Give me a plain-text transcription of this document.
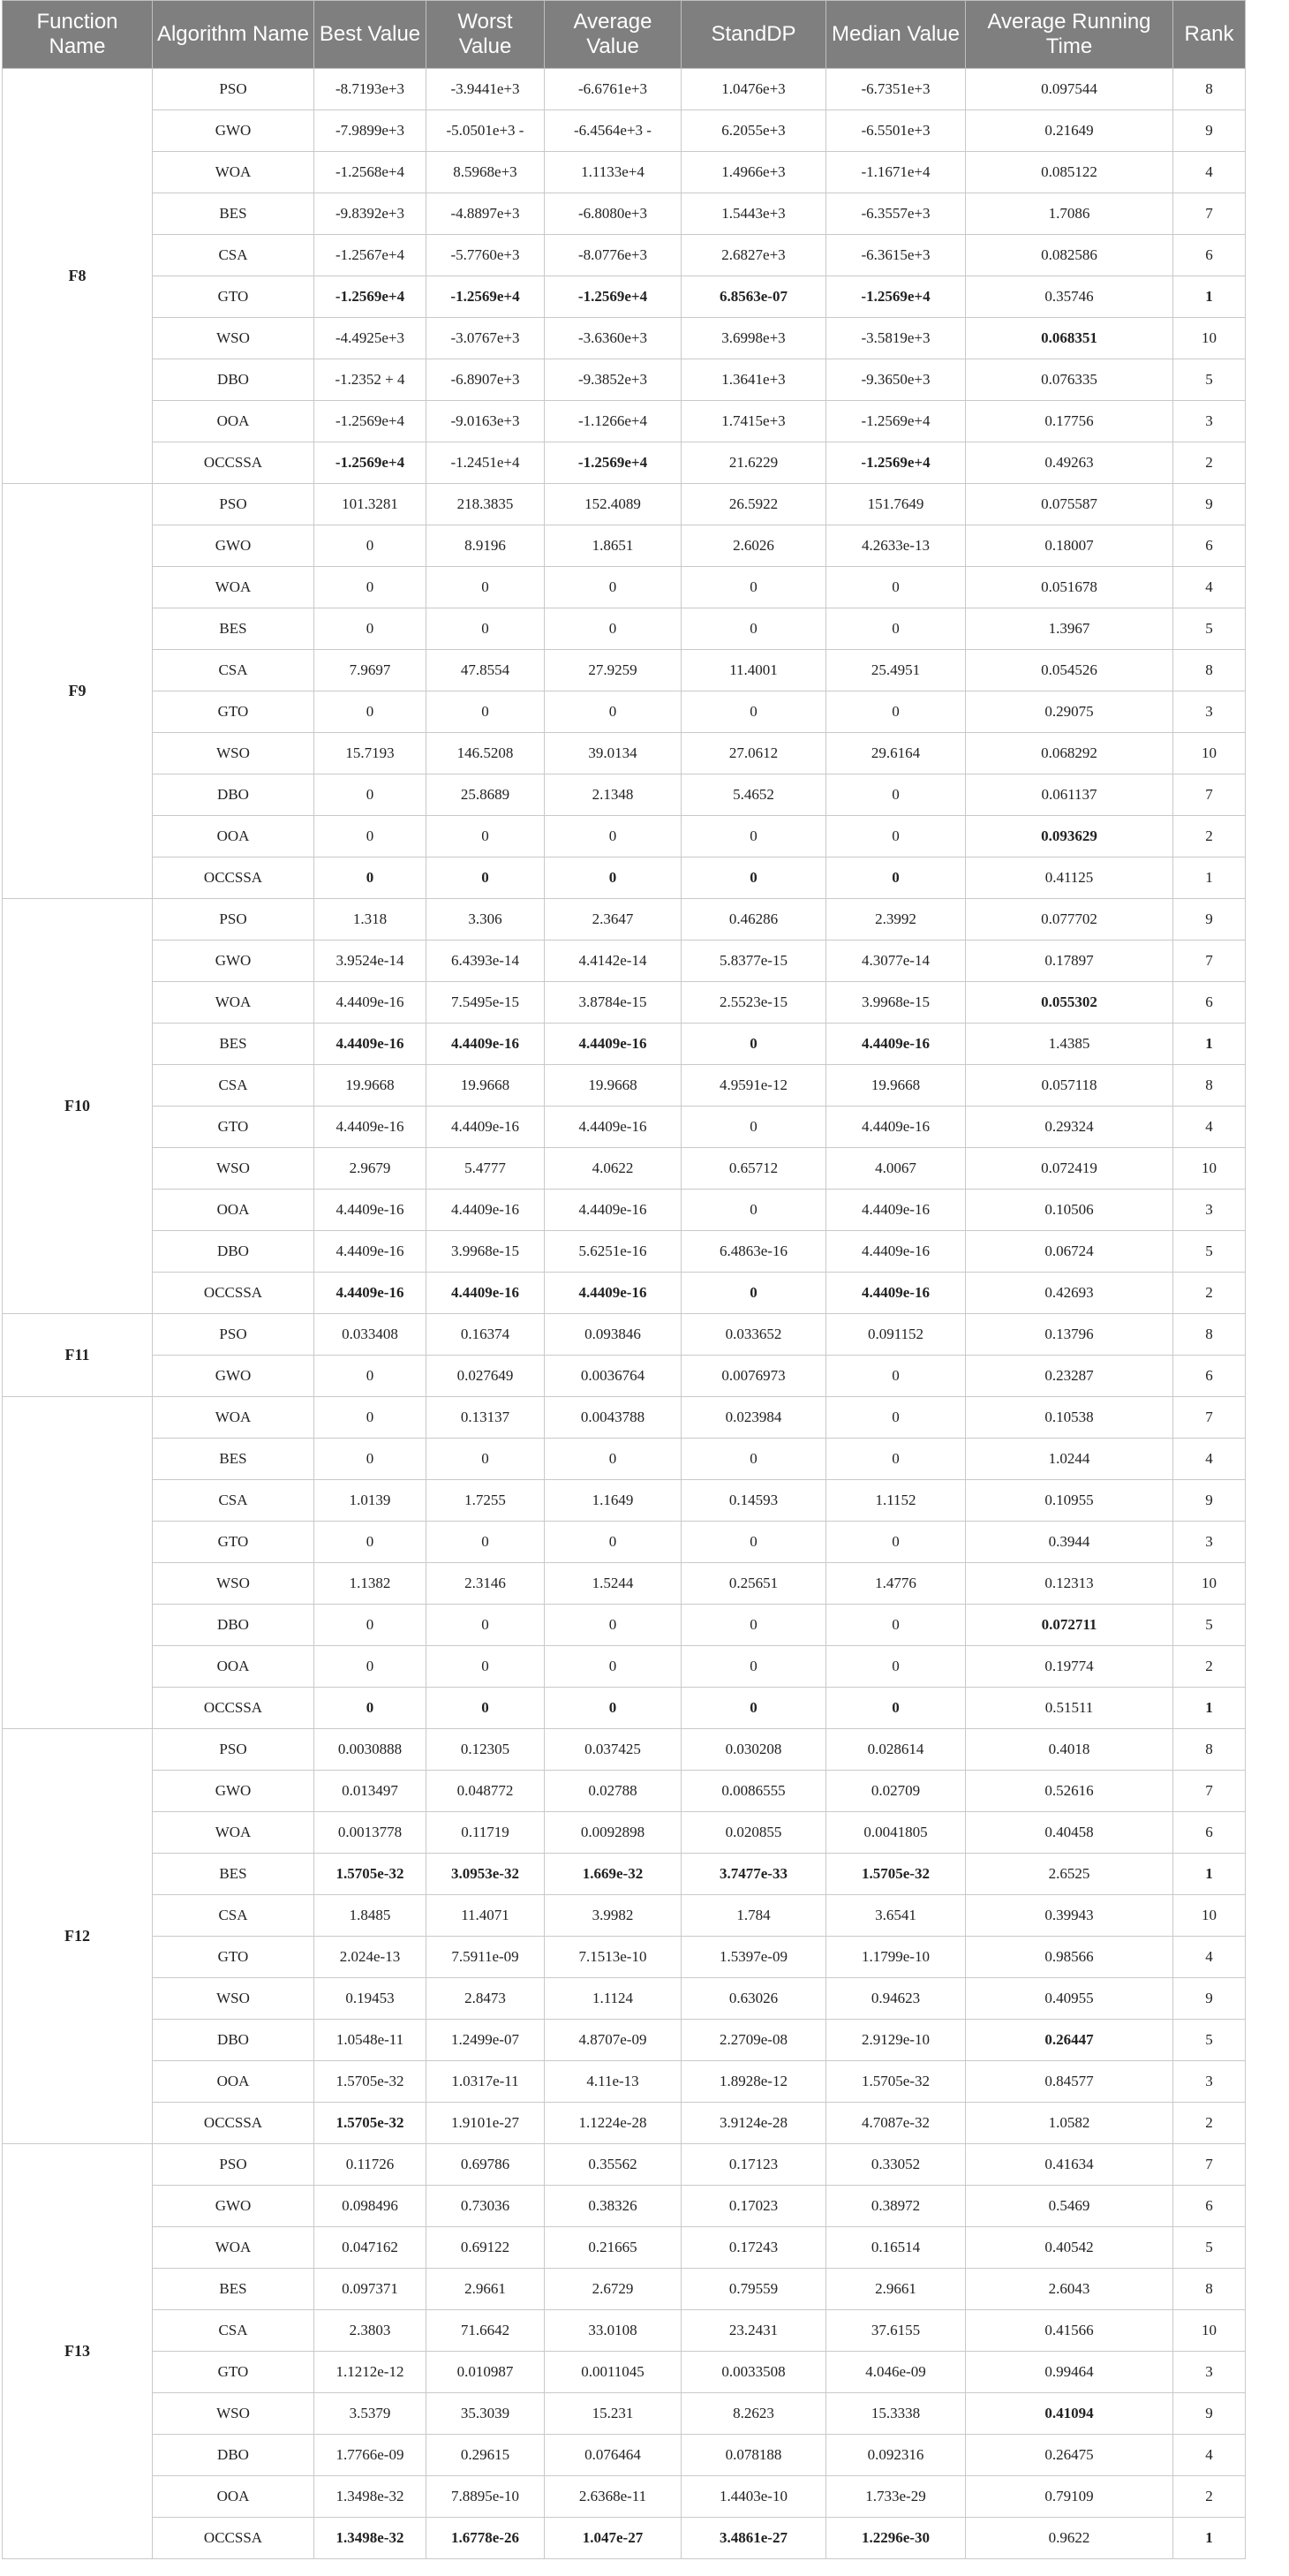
Function Name	Algorithm Name	Best Value	Worst Value	Average Value	StandDP	Median Value	Average Running Time	Rank
F8	PSO	-8.7193e+3	-3.9441e+3	-6.6761e+3	1.0476e+3	-6.7351e+3	0.097544	8
	GWO	-7.9899e+3	-5.0501e+3 -	-6.4564e+3 -	6.2055e+3	-6.5501e+3	0.21649	9
	WOA	-1.2568e+4	8.5968e+3	1.1133e+4	1.4966e+3	-1.1671e+4	0.085122	4
	BES	-9.8392e+3	-4.8897e+3	-6.8080e+3	1.5443e+3	-6.3557e+3	1.7086	7
	CSA	-1.2567e+4	-5.7760e+3	-8.0776e+3	2.6827e+3	-6.3615e+3	0.082586	6
	GTO	-1.2569e+4	-1.2569e+4	-1.2569e+4	6.8563e-07	-1.2569e+4	0.35746	1
	WSO	-4.4925e+3	-3.0767e+3	-3.6360e+3	3.6998e+3	-3.5819e+3	0.068351	10
	DBO	-1.2352 + 4	-6.8907e+3	-9.3852e+3	1.3641e+3	-9.3650e+3	0.076335	5
	OOA	-1.2569e+4	-9.0163e+3	-1.1266e+4	1.7415e+3	-1.2569e+4	0.17756	3
	OCCSSA	-1.2569e+4	-1.2451e+4	-1.2569e+4	21.6229	-1.2569e+4	0.49263	2
F9	PSO	101.3281	218.3835	152.4089	26.5922	151.7649	0.075587	9
	GWO	0	8.9196	1.8651	2.6026	4.2633e-13	0.18007	6
	WOA	0	0	0	0	0	0.051678	4
	BES	0	0	0	0	0	1.3967	5
	CSA	7.9697	47.8554	27.9259	11.4001	25.4951	0.054526	8
	GTO	0	0	0	0	0	0.29075	3
	WSO	15.7193	146.5208	39.0134	27.0612	29.6164	0.068292	10
	DBO	0	25.8689	2.1348	5.4652	0	0.061137	7
	OOA	0	0	0	0	0	0.093629	2
	OCCSSA	0	0	0	0	0	0.41125	1
F10	PSO	1.318	3.306	2.3647	0.46286	2.3992	0.077702	9
	GWO	3.9524e-14	6.4393e-14	4.4142e-14	5.8377e-15	4.3077e-14	0.17897	7
	WOA	4.4409e-16	7.5495e-15	3.8784e-15	2.5523e-15	3.9968e-15	0.055302	6
	BES	4.4409e-16	4.4409e-16	4.4409e-16	0	4.4409e-16	1.4385	1
	CSA	19.9668	19.9668	19.9668	4.9591e-12	19.9668	0.057118	8
	GTO	4.4409e-16	4.4409e-16	4.4409e-16	0	4.4409e-16	0.29324	4
	WSO	2.9679	5.4777	4.0622	0.65712	4.0067	0.072419	10
	OOA	4.4409e-16	4.4409e-16	4.4409e-16	0	4.4409e-16	0.10506	3
	DBO	4.4409e-16	3.9968e-15	5.6251e-16	6.4863e-16	4.4409e-16	0.06724	5
	OCCSSA	4.4409e-16	4.4409e-16	4.4409e-16	0	4.4409e-16	0.42693	2
F11	PSO	0.033408	0.16374	0.093846	0.033652	0.091152	0.13796	8
	GWO	0	0.027649	0.0036764	0.0076973	0	0.23287	6
	WOA	0	0.13137	0.0043788	0.023984	0	0.10538	7
	BES	0	0	0	0	0	1.0244	4
	CSA	1.0139	1.7255	1.1649	0.14593	1.1152	0.10955	9
	GTO	0	0	0	0	0	0.3944	3
	WSO	1.1382	2.3146	1.5244	0.25651	1.4776	0.12313	10
	DBO	0	0	0	0	0	0.072711	5
	OOA	0	0	0	0	0	0.19774	2
	OCCSSA	0	0	0	0	0	0.51511	1
F12	PSO	0.0030888	0.12305	0.037425	0.030208	0.028614	0.4018	8
	GWO	0.013497	0.048772	0.02788	0.0086555	0.02709	0.52616	7
	WOA	0.0013778	0.11719	0.0092898	0.020855	0.0041805	0.40458	6
	BES	1.5705e-32	3.0953e-32	1.669e-32	3.7477e-33	1.5705e-32	2.6525	1
	CSA	1.8485	11.4071	3.9982	1.784	3.6541	0.39943	10
	GTO	2.024e-13	7.5911e-09	7.1513e-10	1.5397e-09	1.1799e-10	0.98566	4
	WSO	0.19453	2.8473	1.1124	0.63026	0.94623	0.40955	9
	DBO	1.0548e-11	1.2499e-07	4.8707e-09	2.2709e-08	2.9129e-10	0.26447	5
	OOA	1.5705e-32	1.0317e-11	4.11e-13	1.8928e-12	1.5705e-32	0.84577	3
	OCCSSA	1.5705e-32	1.9101e-27	1.1224e-28	3.9124e-28	4.7087e-32	1.0582	2
F13	PSO	0.11726	0.69786	0.35562	0.17123	0.33052	0.41634	7
	GWO	0.098496	0.73036	0.38326	0.17023	0.38972	0.5469	6
	WOA	0.047162	0.69122	0.21665	0.17243	0.16514	0.40542	5
	BES	0.097371	2.9661	2.6729	0.79559	2.9661	2.6043	8
	CSA	2.3803	71.6642	33.0108	23.2431	37.6155	0.41566	10
	GTO	1.1212e-12	0.010987	0.0011045	0.0033508	4.046e-09	0.99464	3
	WSO	3.5379	35.3039	15.231	8.2623	15.3338	0.41094	9
	DBO	1.7766e-09	0.29615	0.076464	0.078188	0.092316	0.26475	4
	OOA	1.3498e-32	7.8895e-10	2.6368e-11	1.4403e-10	1.733e-29	0.79109	2
	OCCSSA	1.3498e-32	1.6778e-26	1.047e-27	3.4861e-27	1.2296e-30	0.9622	1
